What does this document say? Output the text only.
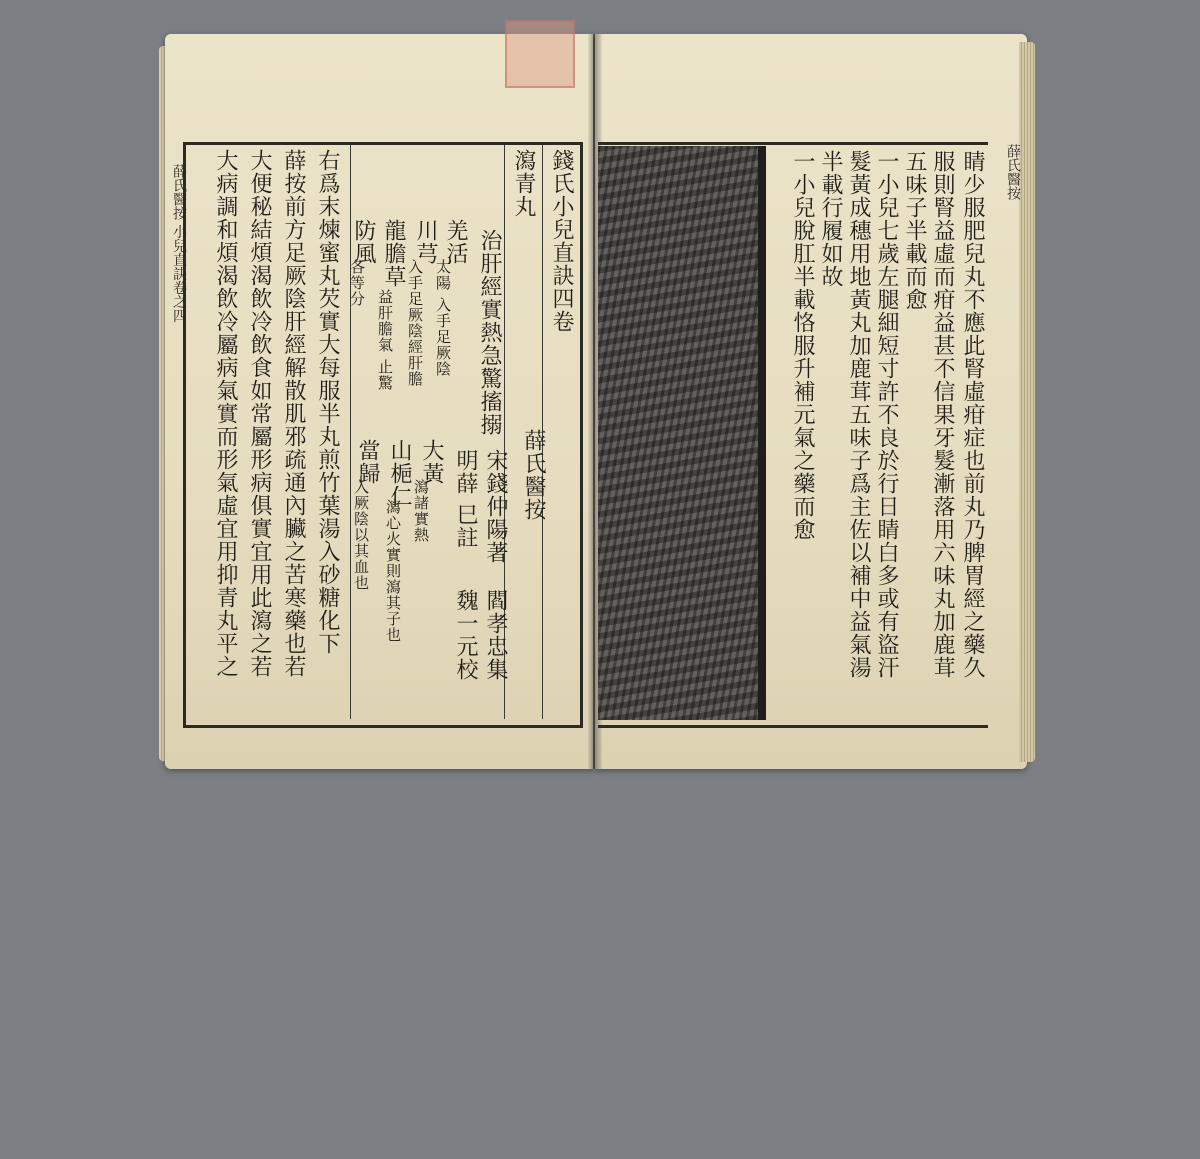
錢氏小兒直訣四卷
薛氏醫按
宋錢仲陽著
明薛 巳註
閻孝忠集
魏一元校
瀉青丸
治肝經實熱急驚搐搦
羌活
太陽 入手足厥陰
川芎
入手足厥陰經肝膽
龍膽草
益肝膽氣 止驚
防風
各等分
大黃
瀉諸實熱
山梔仁
瀉心火實則瀉其子也
當歸
入厥陰以其血也
右爲末煉蜜丸芡實大每服半丸煎竹葉湯入砂糖化下
薛按前方足厥陰肝經解散肌邪疏通內臟之苦寒藥也若
大便秘結煩渴飲冷飲食如常屬形病俱實宜用此瀉之若
大病調和煩渴飲冷屬病氣實而形氣虛宜用抑青丸平之
薛氏醫按 小兒直訣卷之四	睛少服肥兒丸不應此腎虛疳症也前丸乃脾胃經之藥久
服則腎益虛而疳益甚不信果牙髮漸落用六味丸加鹿茸
五味子半載而愈
一小兒七歲左腿細短寸許不良於行日睛白多或有盜汗
髮黃成穗用地黃丸加鹿茸五味子爲主佐以補中益氣湯
半載行履如故
一小兒脫肛半載恪服升補元氣之藥而愈	薛氏醫按
